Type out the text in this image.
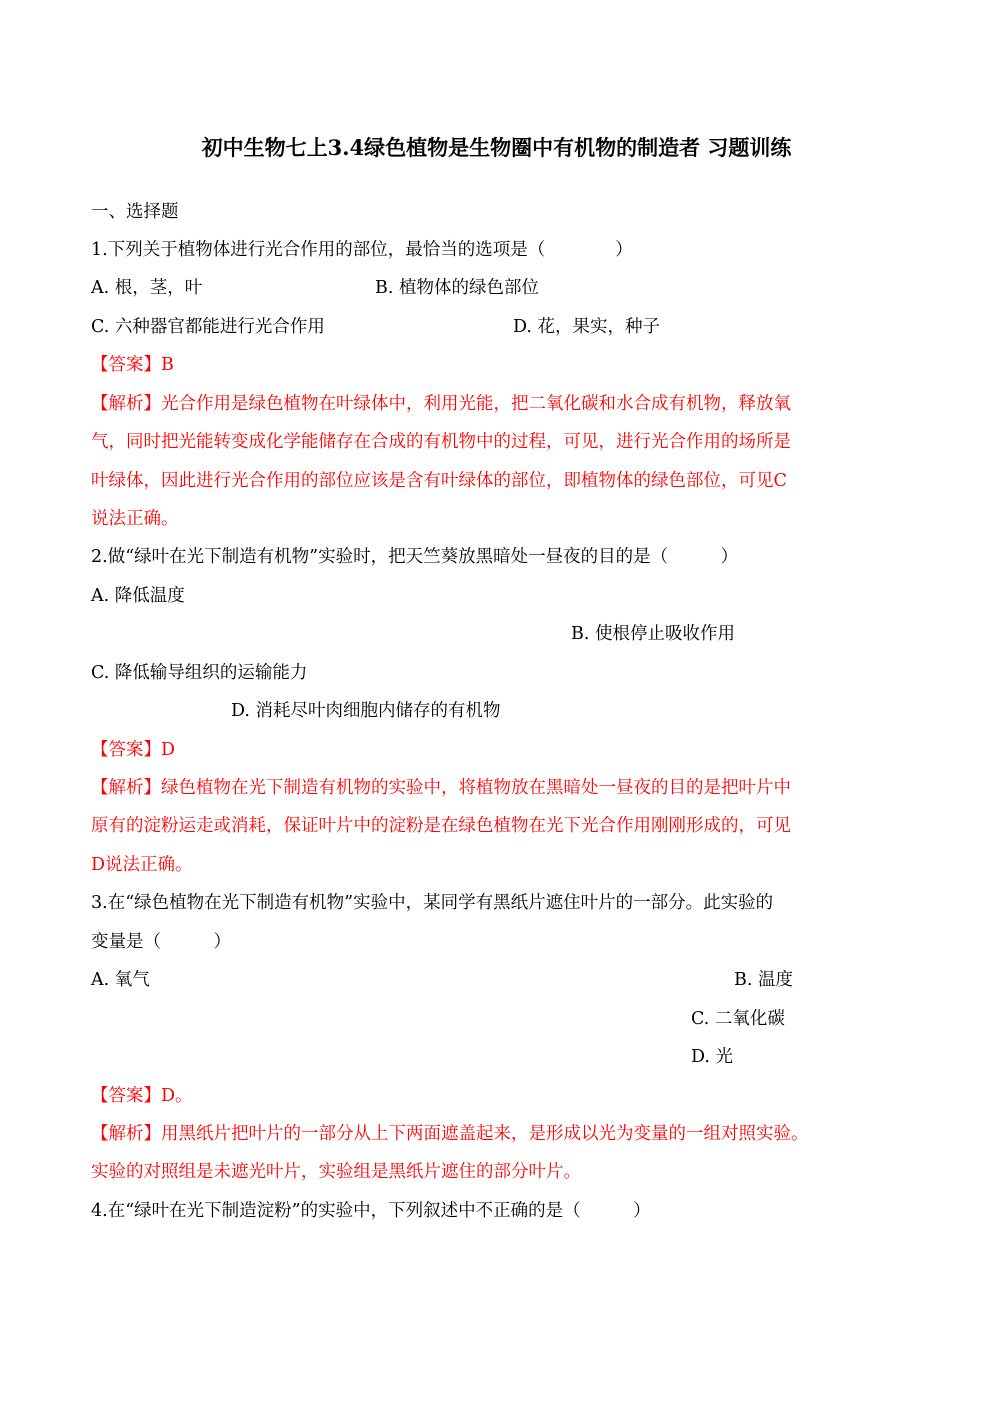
初中生物七上3.4绿色植物是生物圈中有机物的制造者 习题训练
一、选择题
1.下列关于植物体进行光合作用的部位，最恰当的选项是（　　　　）
A. 根，茎，叶	B. 植物体的绿色部位
C. 六种器官都能进行光合作用	D. 花，果实，种子
【答案】B
【解析】光合作用是绿色植物在叶绿体中，利用光能，把二氧化碳和水合成有机物，释放氧
气，同时把光能转变成化学能储存在合成的有机物中的过程，可见，进行光合作用的场所是
叶绿体，因此进行光合作用的部位应该是含有叶绿体的部位，即植物体的绿色部位，可见C
说法正确。
2.做“绿叶在光下制造有机物”实验时，把天竺葵放黑暗处一昼夜的目的是（　　　）
A. 降低温度
B. 使根停止吸收作用
C. 降低输导组织的运输能力
D. 消耗尽叶肉细胞内储存的有机物
【答案】D
【解析】绿色植物在光下制造有机物的实验中，将植物放在黑暗处一昼夜的目的是把叶片中
原有的淀粉运走或消耗，保证叶片中的淀粉是在绿色植物在光下光合作用刚刚形成的，可见
D说法正确。
3.在“绿色植物在光下制造有机物”实验中，某同学有黑纸片遮住叶片的一部分。此实验的
变量是（　　　）
A. 氧气	B. 温度
C. 二氧化碳
D. 光
【答案】D。
【解析】用黑纸片把叶片的一部分从上下两面遮盖起来，是形成以光为变量的一组对照实验。
实验的对照组是未遮光叶片，实验组是黑纸片遮住的部分叶片。
4.在“绿叶在光下制造淀粉”的实验中，下列叙述中不正确的是（　　　）
